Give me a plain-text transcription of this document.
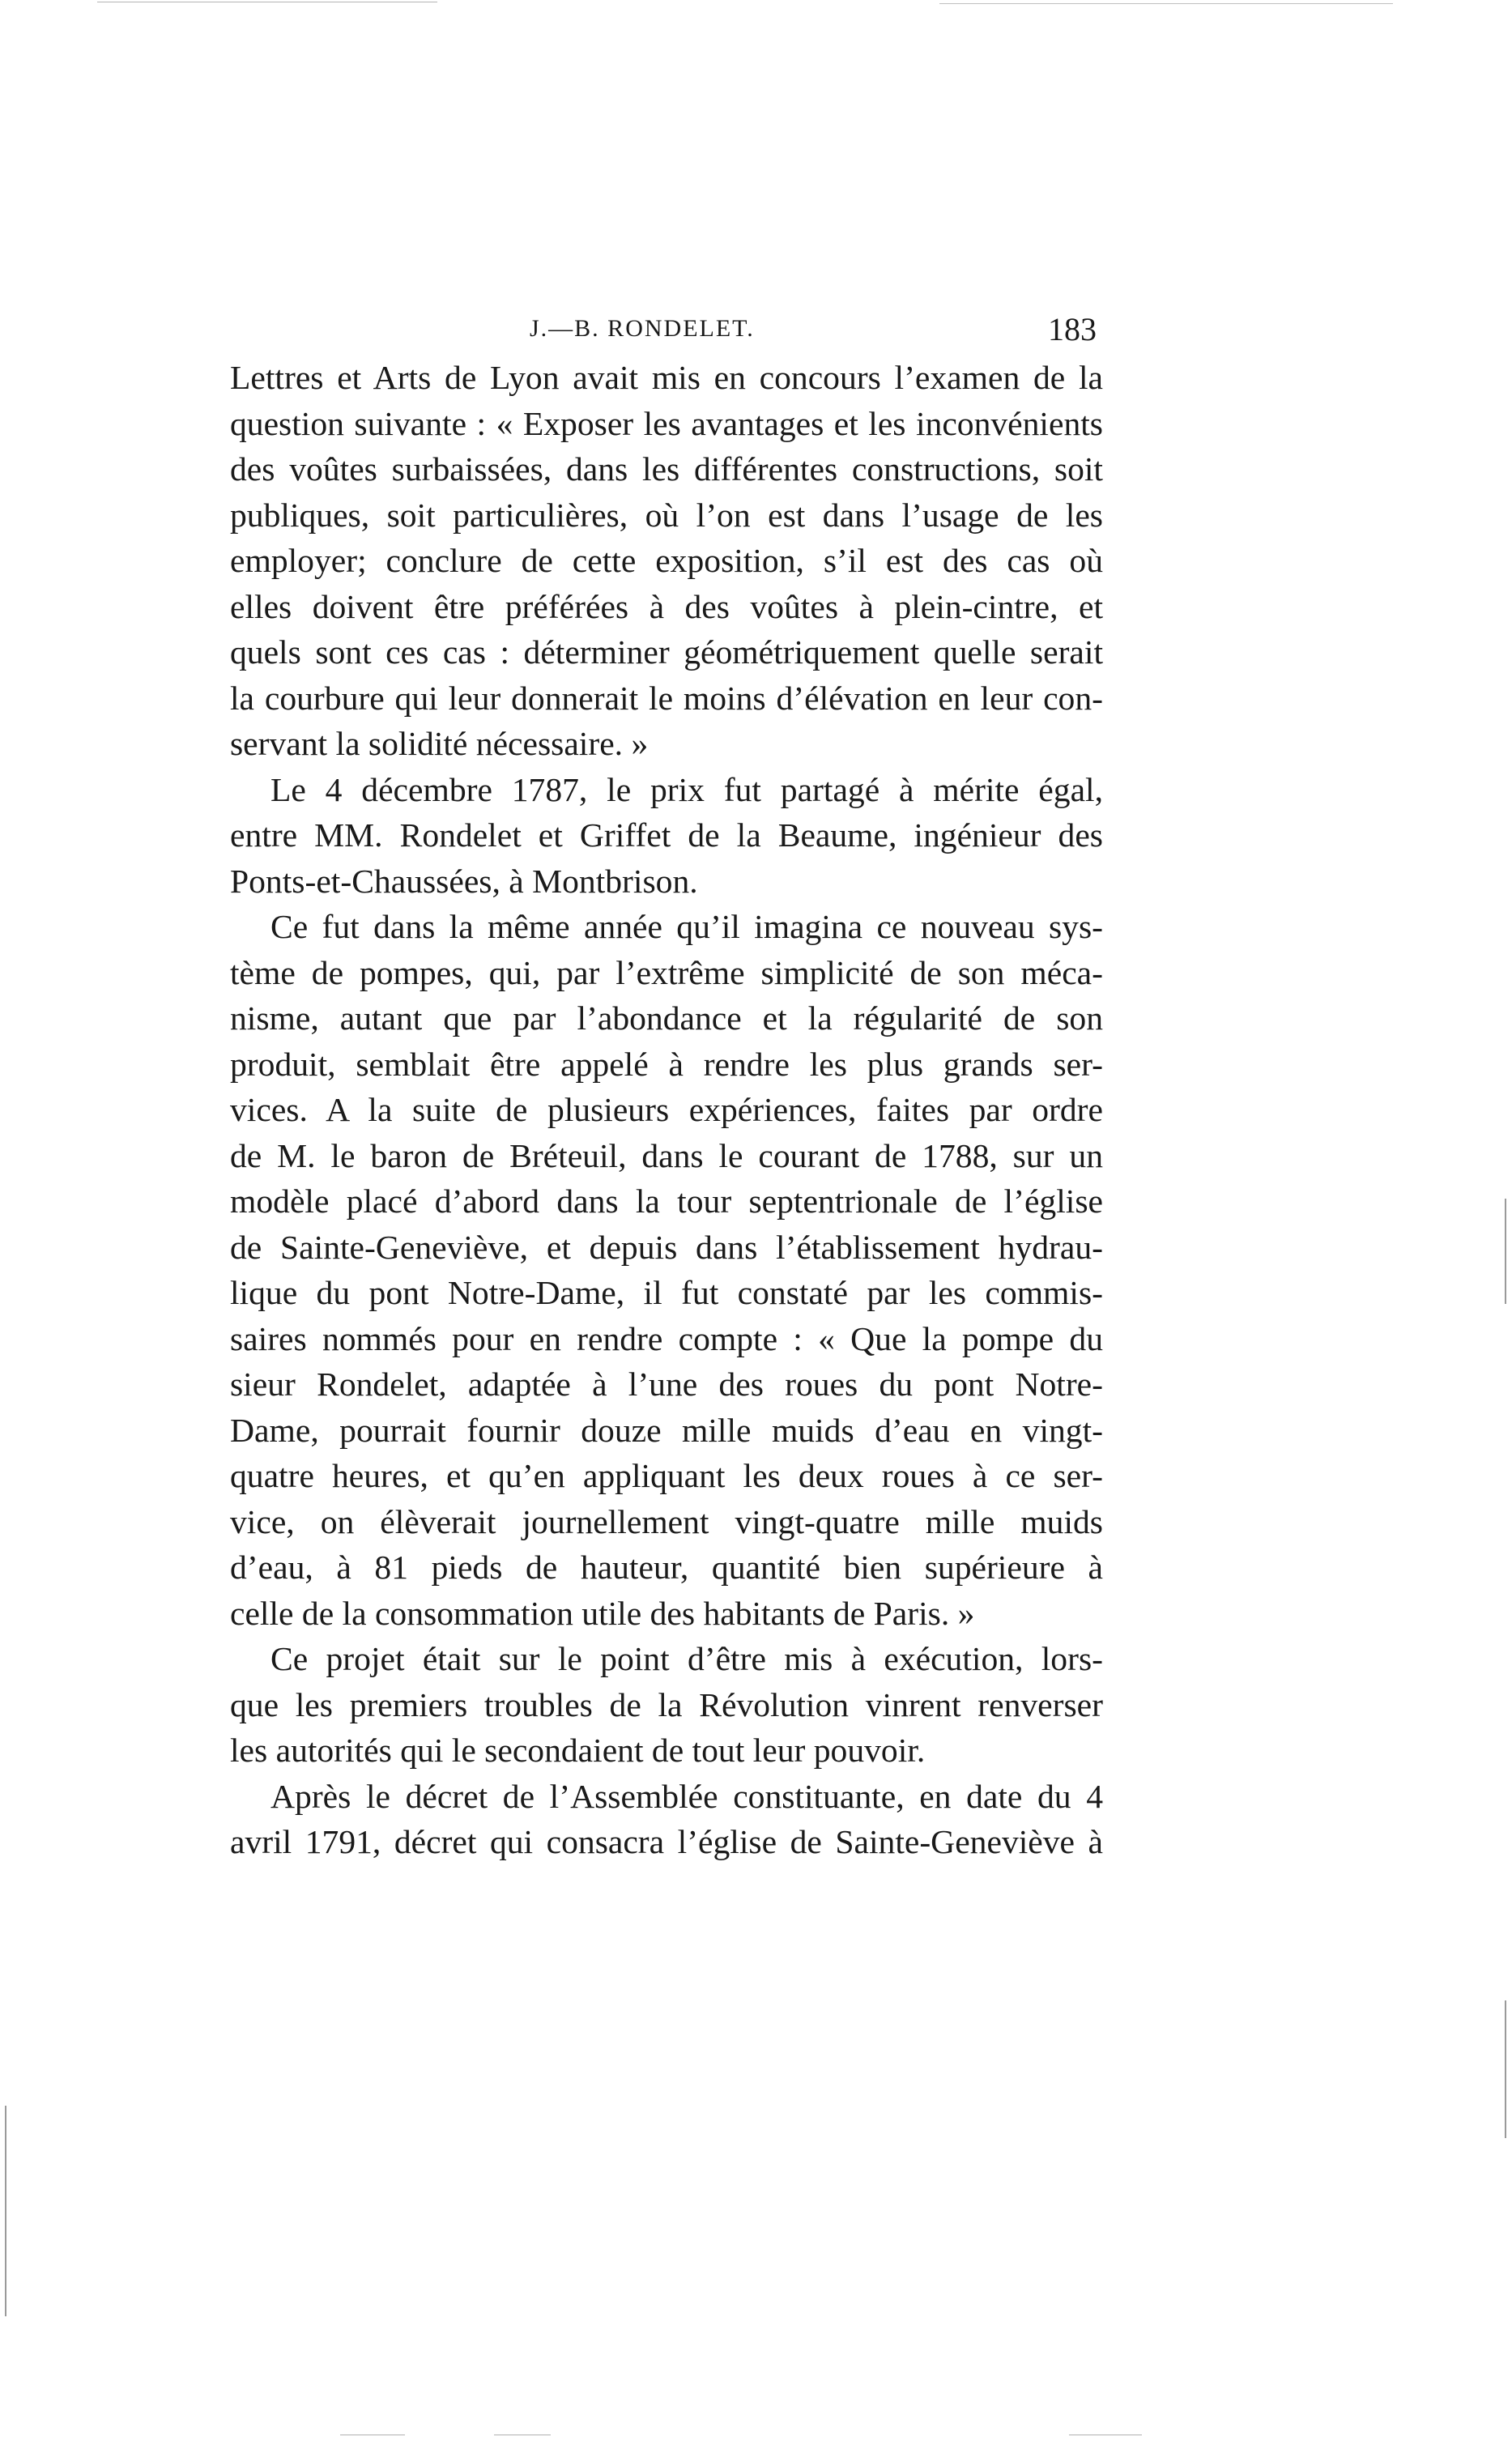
J.—B. RONDELET.	183
Lettres et Arts de Lyon avait mis en concours l’examen de la
question suivante : « Exposer les avantages et les inconvénients
des voûtes surbaissées, dans les différentes constructions, soit
publiques, soit particulières, où l’on est dans l’usage de les
employer; conclure de cette exposition, s’il est des cas où
elles doivent être préférées à des voûtes à plein-cintre, et
quels sont ces cas : déterminer géométriquement quelle serait
la courbure qui leur donnerait le moins d’élévation en leur con-
servant la solidité nécessaire. »
Le 4 décembre 1787, le prix fut partagé à mérite égal,
entre MM. Rondelet et Griffet de la Beaume, ingénieur des
Ponts-et-Chaussées, à Montbrison.
Ce fut dans la même année qu’il imagina ce nouveau sys-
tème de pompes, qui, par l’extrême simplicité de son méca-
nisme, autant que par l’abondance et la régularité de son
produit, semblait être appelé à rendre les plus grands ser-
vices. A la suite de plusieurs expériences, faites par ordre
de M. le baron de Bréteuil, dans le courant de 1788, sur un
modèle placé d’abord dans la tour septentrionale de l’église
de Sainte-Geneviève, et depuis dans l’établissement hydrau-
lique du pont Notre-Dame, il fut constaté par les commis-
saires nommés pour en rendre compte : « Que la pompe du
sieur Rondelet, adaptée à l’une des roues du pont Notre-
Dame, pourrait fournir douze mille muids d’eau en vingt-
quatre heures, et qu’en appliquant les deux roues à ce ser-
vice, on élèverait journellement vingt-quatre mille muids
d’eau, à 81 pieds de hauteur, quantité bien supérieure à
celle de la consommation utile des habitants de Paris. »
Ce projet était sur le point d’être mis à exécution, lors-
que les premiers troubles de la Révolution vinrent renverser
les autorités qui le secondaient de tout leur pouvoir.
Après le décret de l’Assemblée constituante, en date du 4
avril 1791, décret qui consacra l’église de Sainte-Geneviève à
